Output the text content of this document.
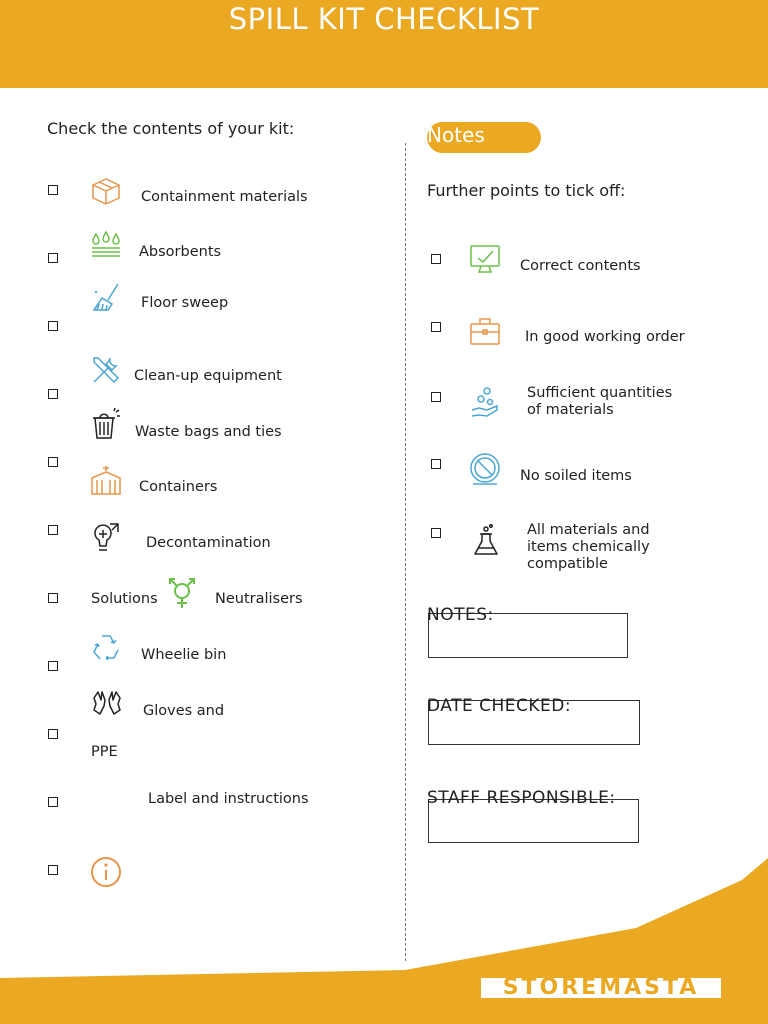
SPILL KIT CHECKLIST
Check the contents of your kit:
Containment materials
Absorbents
Floor sweep
Clean-up equipment
Waste bags and ties
Containers
Decontamination
Solutions	Neutralisers
Wheelie bin
Gloves and
PPE
Label and instructions
Notes
Further points to tick off:
Correct contents
In good working order
Sufficient quantities
of materials
No soiled items
All materials and
items chemically
compatible
NOTES:
DATE CHECKED:
STAFF RESPONSIBLE:
STOREMASTA
